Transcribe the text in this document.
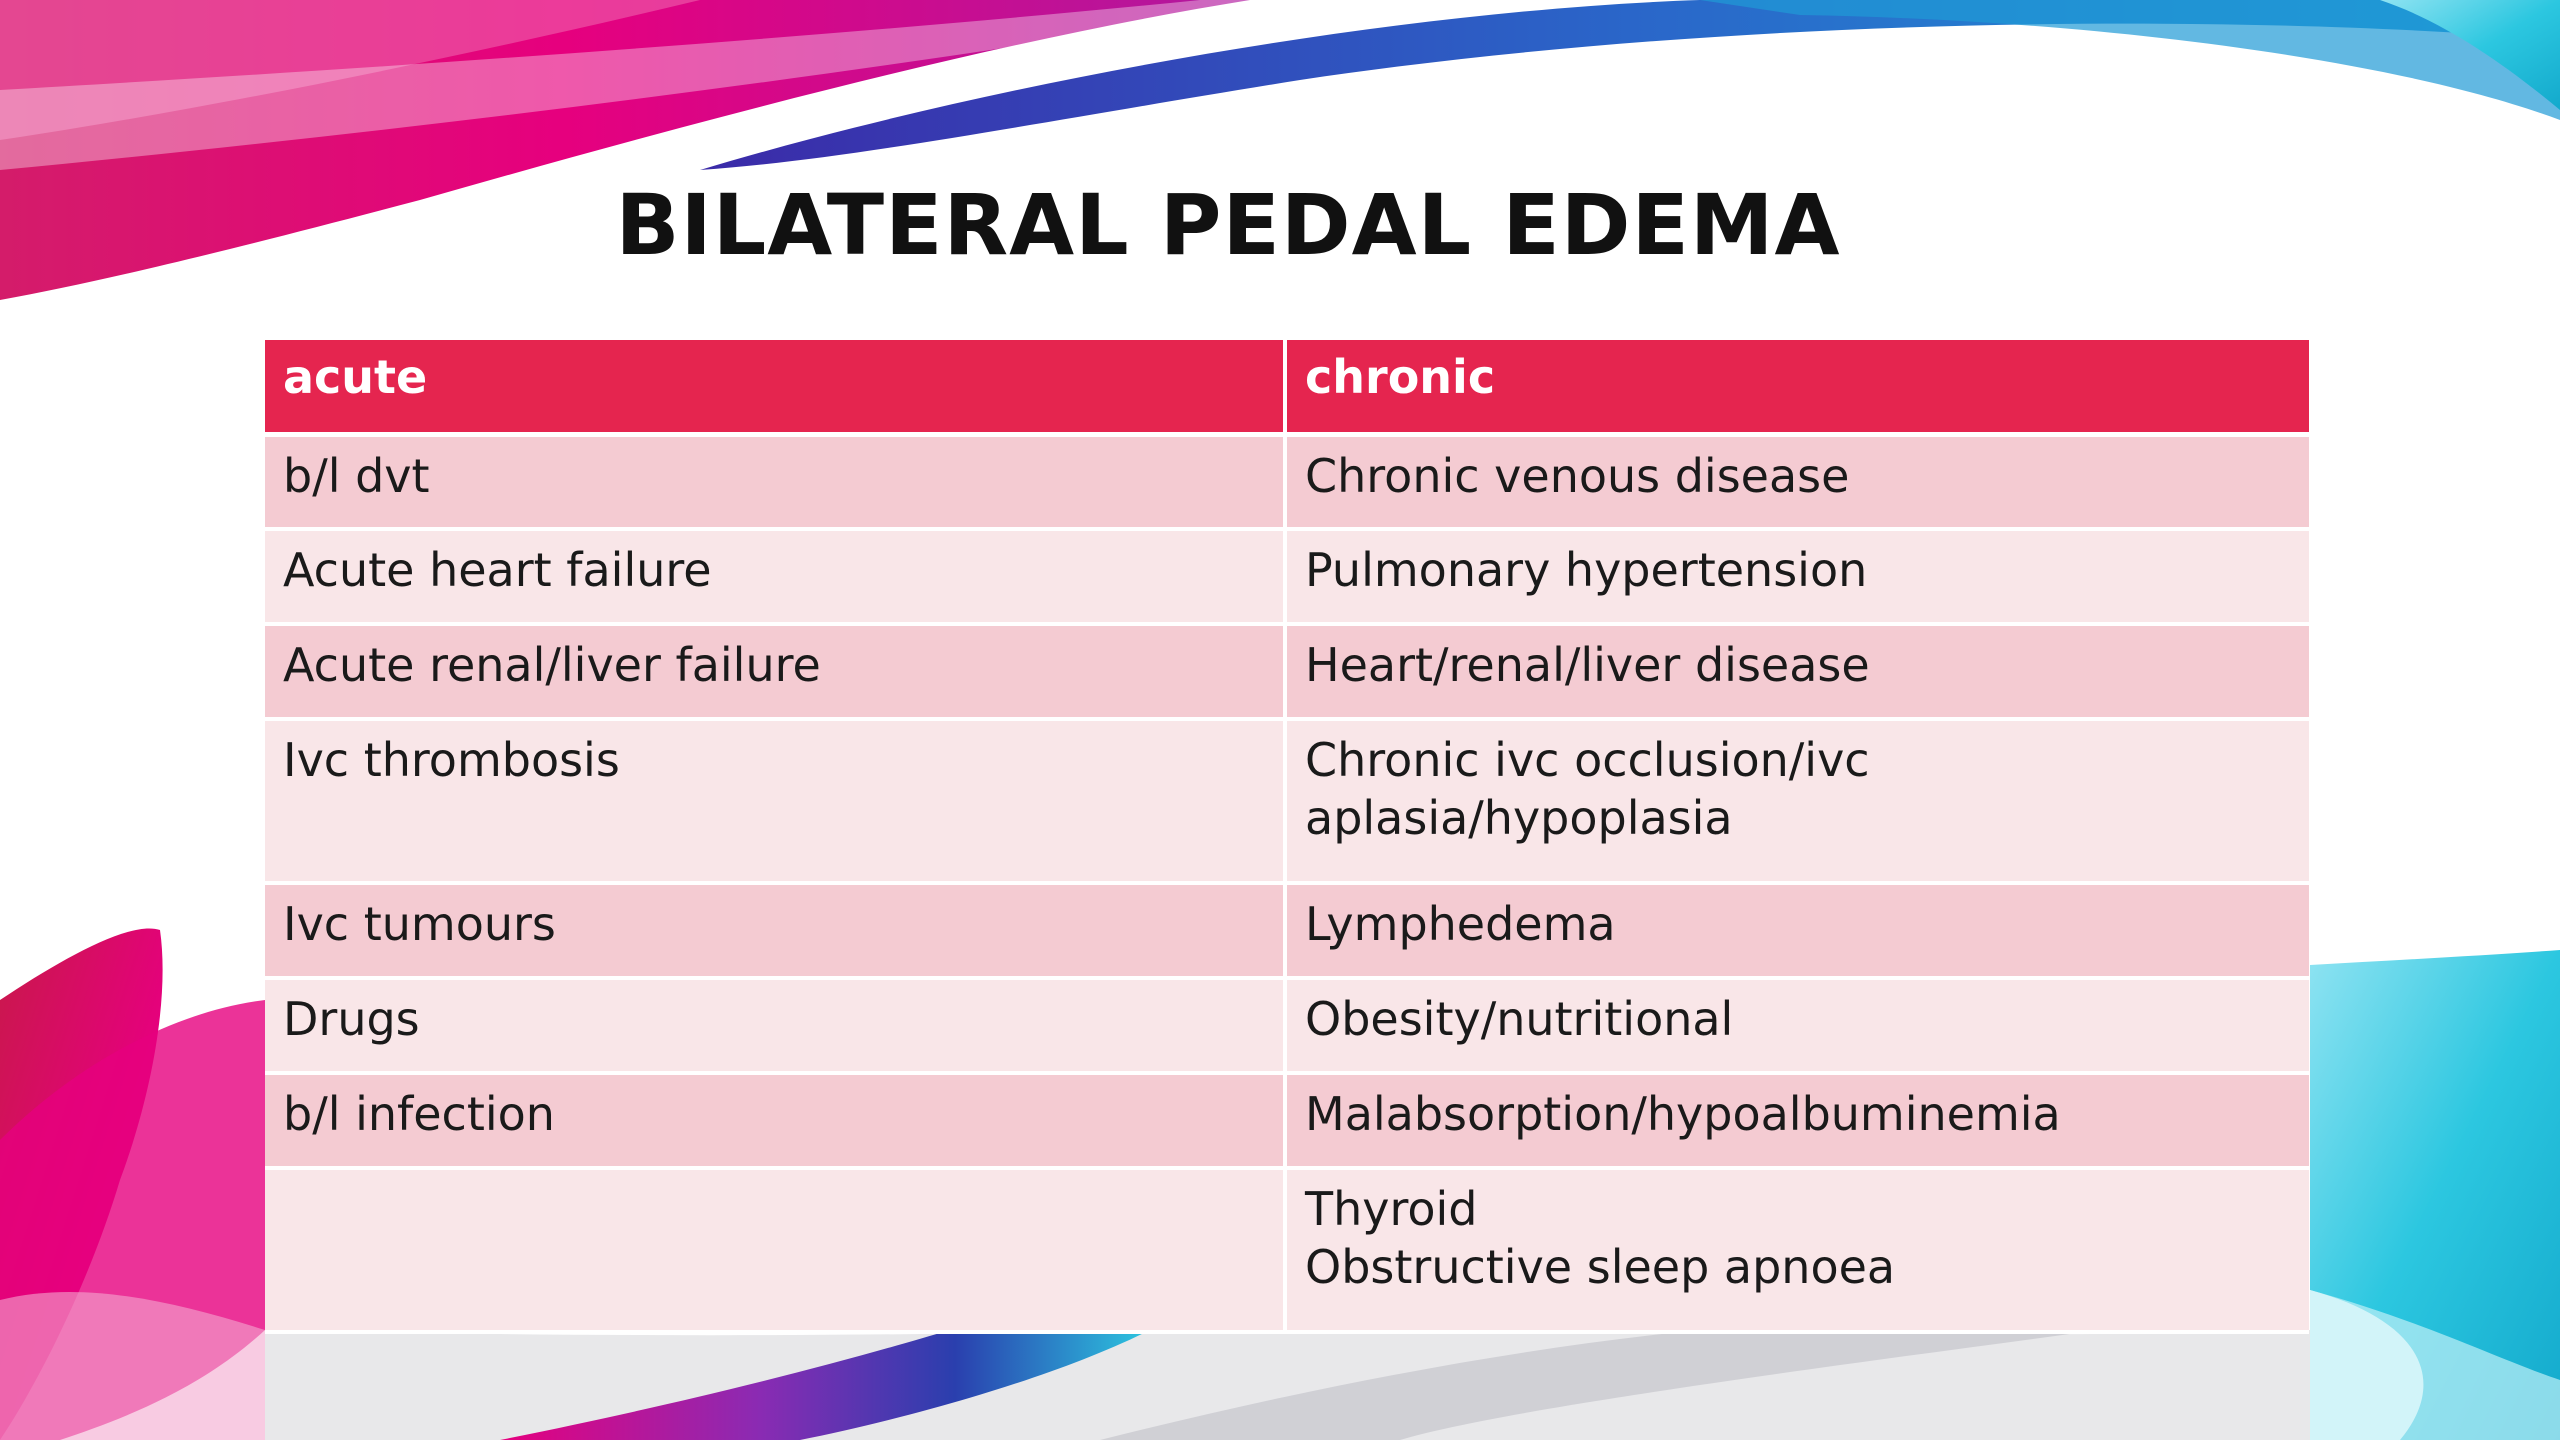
BILATERAL PEDAL EDEMA
acute	chronic
b/l dvt	Chronic venous disease

Acute heart failure	Pulmonary hypertension

Acute renal/liver failure	Heart/renal/liver disease

Ivc thrombosis	Chronic ivc occlusion/ivc
aplasia/hypoplasia

Ivc tumours	Lymphedema

Drugs	Obesity/nutritional

b/l infection	Malabsorption/hypoalbuminemia

	Thyroid
Obstructive sleep apnoea
